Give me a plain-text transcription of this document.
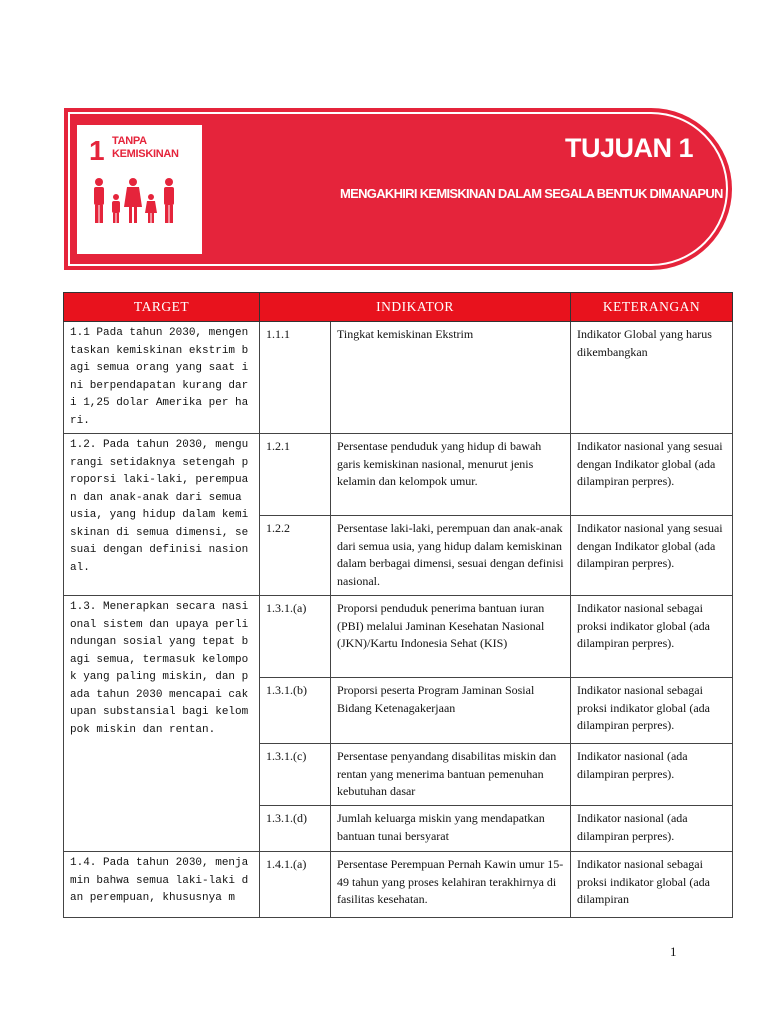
1 TANPA
KEMISKINAN	TUJUAN 1
MENGAKHIRI KEMISKINAN DALAM SEGALA BENTUK DIMANAPUN
TARGET	INDIKATOR		KETERANGAN
1.1 Pada tahun 2030, mengentaskan kemiskinan ekstrim bagi semua orang yang saat ini berpendapatan kurang dari 1,25 dolar Amerika per hari.	1.1.1	Tingkat kemiskinan Ekstrim	Indikator Global yang harus dikembangkan
1.2. Pada tahun 2030, mengurangi setidaknya setengah proporsi laki-laki, perempuan dan anak-anak dari semua usia, yang hidup dalam kemiskinan di semua dimensi, sesuai dengan definisi nasional.	1.2.1	Persentase penduduk yang hidup di bawah garis kemiskinan nasional, menurut jenis kelamin dan kelompok umur.	Indikator nasional yang sesuai dengan Indikator global (ada dilampiran perpres).
	1.2.2	Persentase laki-laki, perempuan dan anak-anak dari semua usia, yang hidup dalam kemiskinan dalam berbagai dimensi, sesuai dengan definisi nasional.	Indikator nasional yang sesuai dengan Indikator global (ada dilampiran perpres).
1.3. Menerapkan secara nasional sistem dan upaya perlindungan sosial yang tepat bagi semua, termasuk kelompok yang paling miskin, dan pada tahun 2030 mencapai cakupan substansial bagi kelompok miskin dan rentan.	1.3.1.(a)	Proporsi penduduk penerima bantuan iuran (PBI) melalui Jaminan Kesehatan Nasional (JKN)/Kartu Indonesia Sehat (KIS)	Indikator nasional sebagai proksi indikator global (ada dilampiran perpres).
	1.3.1.(b)	Proporsi peserta Program Jaminan Sosial Bidang Ketenagakerjaan	Indikator nasional sebagai proksi indikator global (ada dilampiran perpres).
	1.3.1.(c)	Persentase penyandang disabilitas miskin dan rentan yang menerima bantuan pemenuhan kebutuhan dasar	Indikator nasional (ada dilampiran perpres).
	1.3.1.(d)	Jumlah keluarga miskin yang mendapatkan bantuan tunai bersyarat	Indikator nasional (ada dilampiran perpres).
1.4. Pada tahun 2030, menjamin bahwa semua laki-laki dan perempuan, khususnya m	1.4.1.(a)	Persentase Perempuan Pernah Kawin umur 15-49 tahun yang proses kelahiran terakhirnya di fasilitas kesehatan.	Indikator nasional sebagai proksi indikator global (ada dilampiran
1
